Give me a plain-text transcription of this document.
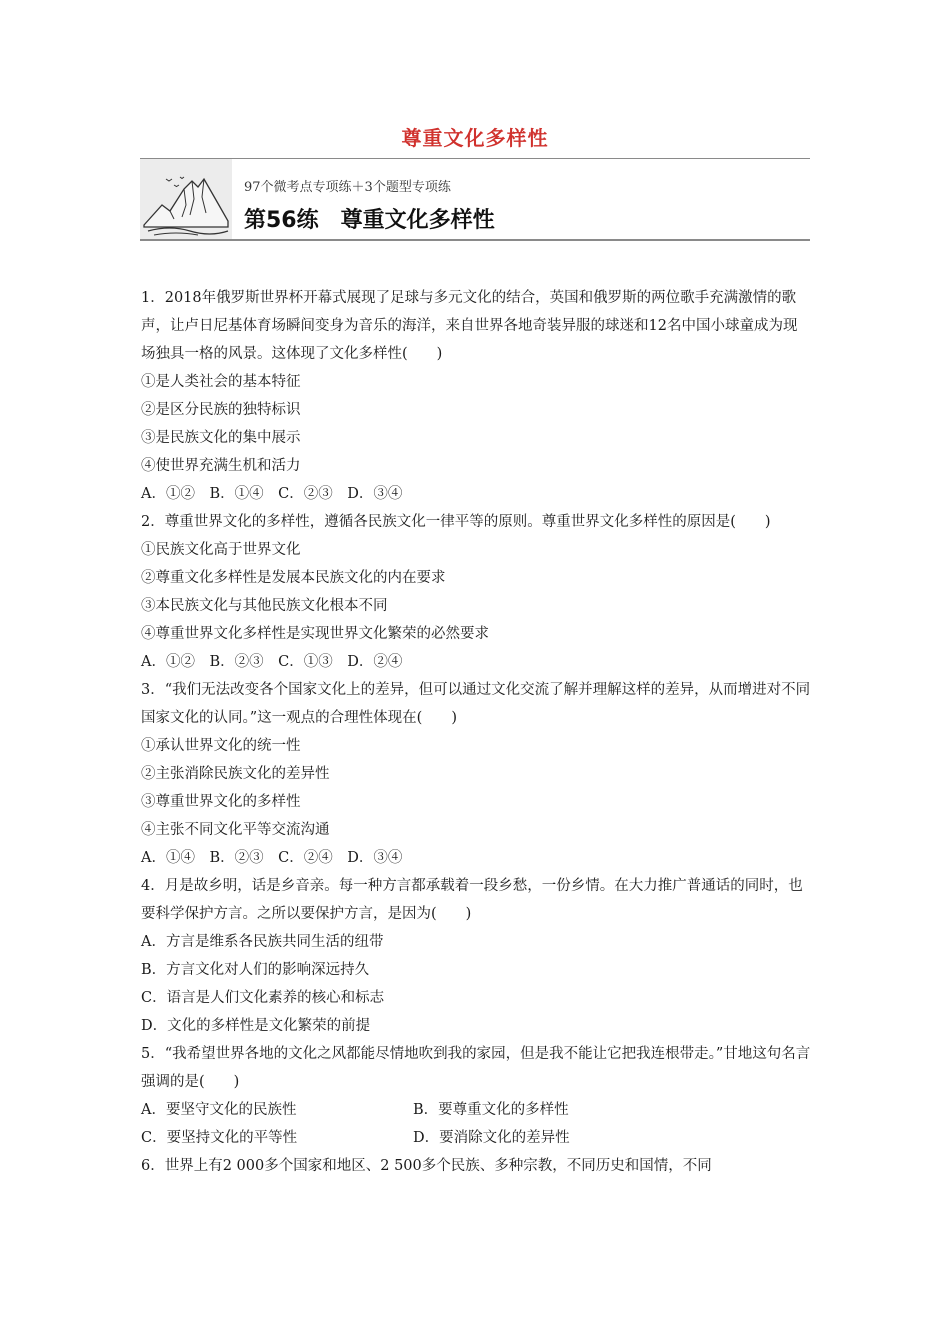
尊重文化多样性
97个微考点专项练＋3个题型专项练
第56练 尊重文化多样性

1．2018年俄罗斯世界杯开幕式展现了足球与多元文化的结合，英国和俄罗斯的两位歌手充满激情的歌声，让卢日尼基体育场瞬间变身为音乐的海洋，来自世界各地奇装异服的球迷和12名中国小球童成为现场独具一格的风景。这体现了文化多样性(　　)

①是人类社会的基本特征

②是区分民族的独特标识

③是民族文化的集中展示

④使世界充满生机和活力

A．①②　B．①④　C．②③　D．③④

2．尊重世界文化的多样性，遵循各民族文化一律平等的原则。尊重世界文化多样性的原因是(　　)

①民族文化高于世界文化

②尊重文化多样性是发展本民族文化的内在要求

③本民族文化与其他民族文化根本不同

④尊重世界文化多样性是实现世界文化繁荣的必然要求

A．①②　B．②③　C．①③　D．②④

3．“我们无法改变各个国家文化上的差异，但可以通过文化交流了解并理解这样的差异，从而增进对不同国家文化的认同。”这一观点的合理性体现在(　　)

①承认世界文化的统一性

②主张消除民族文化的差异性

③尊重世界文化的多样性

④主张不同文化平等交流沟通

A．①④　B．②③　C．②④　D．③④

4．月是故乡明，话是乡音亲。每一种方言都承载着一段乡愁，一份乡情。在大力推广普通话的同时，也要科学保护方言。之所以要保护方言，是因为(　　)

A．方言是维系各民族共同生活的纽带

B．方言文化对人们的影响深远持久

C．语言是人们文化素养的核心和标志

D．文化的多样性是文化繁荣的前提

5．“我希望世界各地的文化之风都能尽情地吹到我的家园，但是我不能让它把我连根带走。”甘地这句名言强调的是(　　)

A．要坚守文化的民族性	B．要尊重文化的多样性
C．要坚持文化的平等性	D．要消除文化的差异性

6．世界上有2 000多个国家和地区、2 500多个民族、多种宗教，不同历史和国情，不同
